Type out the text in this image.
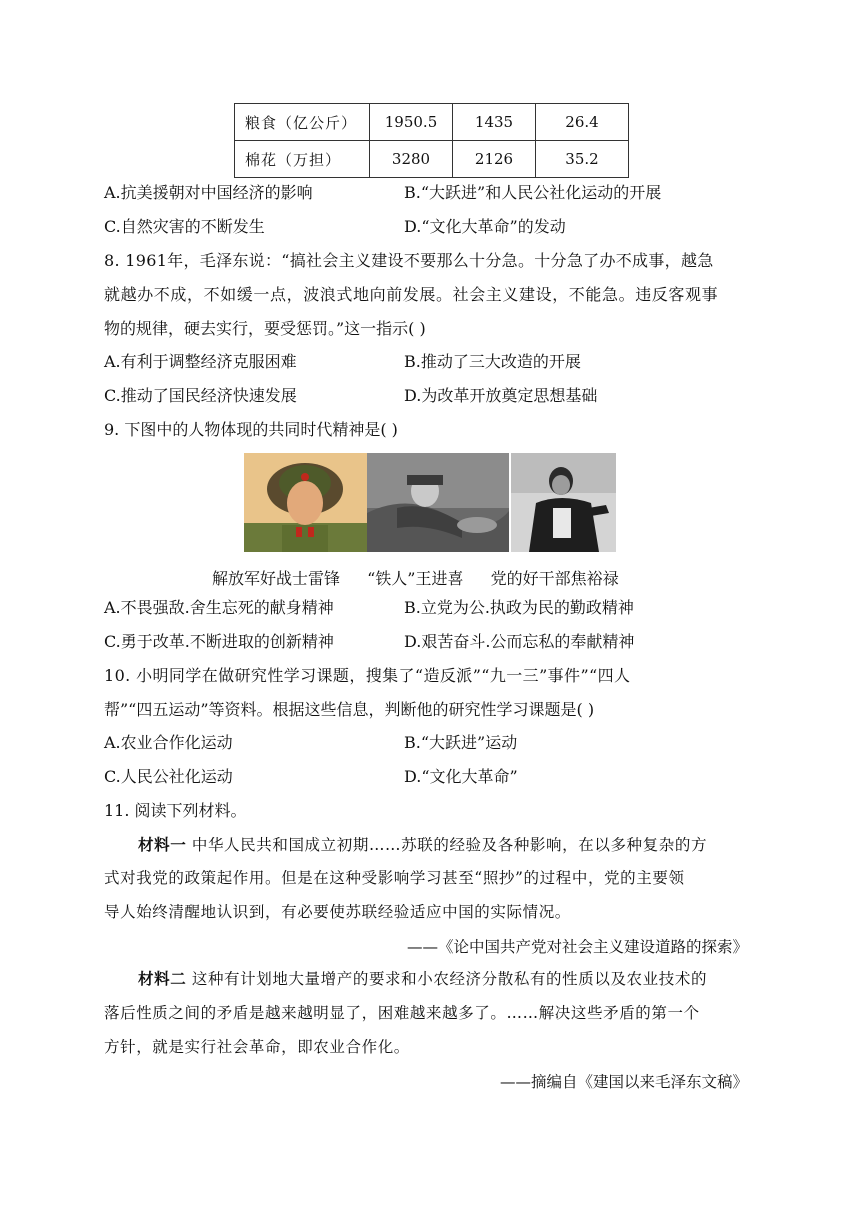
粮食（亿公斤）	1950.5	1435	26.4
棉花（万担）	3280	2126	35.2
A.抗美援朝对中国经济的影响	B.“大跃进”和人民公社化运动的开展
C.自然灾害的不断发生	D.“文化大革命”的发动
8. 1961年，毛泽东说：“搞社会主义建设不要那么十分急。十分急了办不成事，越急
就越办不成，不如缓一点，波浪式地向前发展。社会主义建设，不能急。违反客观事
物的规律，硬去实行，要受惩罚。”这一指示( )
A.有利于调整经济克服困难	B.推动了三大改造的开展
C.推动了国民经济快速发展	D.为改革开放奠定思想基础
9. 下图中的人物体现的共同时代精神是( )
解放军好战士雷锋 “铁人”王进喜 党的好干部焦裕禄
A.不畏强敌.舍生忘死的献身精神	B.立党为公.执政为民的勤政精神
C.勇于改革.不断进取的创新精神	D.艰苦奋斗.公而忘私的奉献精神
10. 小明同学在做研究性学习课题，搜集了“造反派”“九一三”事件”“四人
帮”“四五运动”等资料。根据这些信息，判断他的研究性学习课题是( )
A.农业合作化运动	B.“大跃进”运动
C.人民公社化运动	D.“文化大革命”
11. 阅读下列材料。
材料一 中华人民共和国成立初期……苏联的经验及各种影响，在以多种复杂的方
式对我党的政策起作用。但是在这种受影响学习甚至“照抄”的过程中，党的主要领
导人始终清醒地认识到，有必要使苏联经验适应中国的实际情况。
——《论中国共产党对社会主义建设道路的探索》
材料二 这种有计划地大量增产的要求和小农经济分散私有的性质以及农业技术的
落后性质之间的矛盾是越来越明显了，困难越来越多了。……解决这些矛盾的第一个
方针，就是实行社会革命，即农业合作化。
——摘编自《建国以来毛泽东文稿》
